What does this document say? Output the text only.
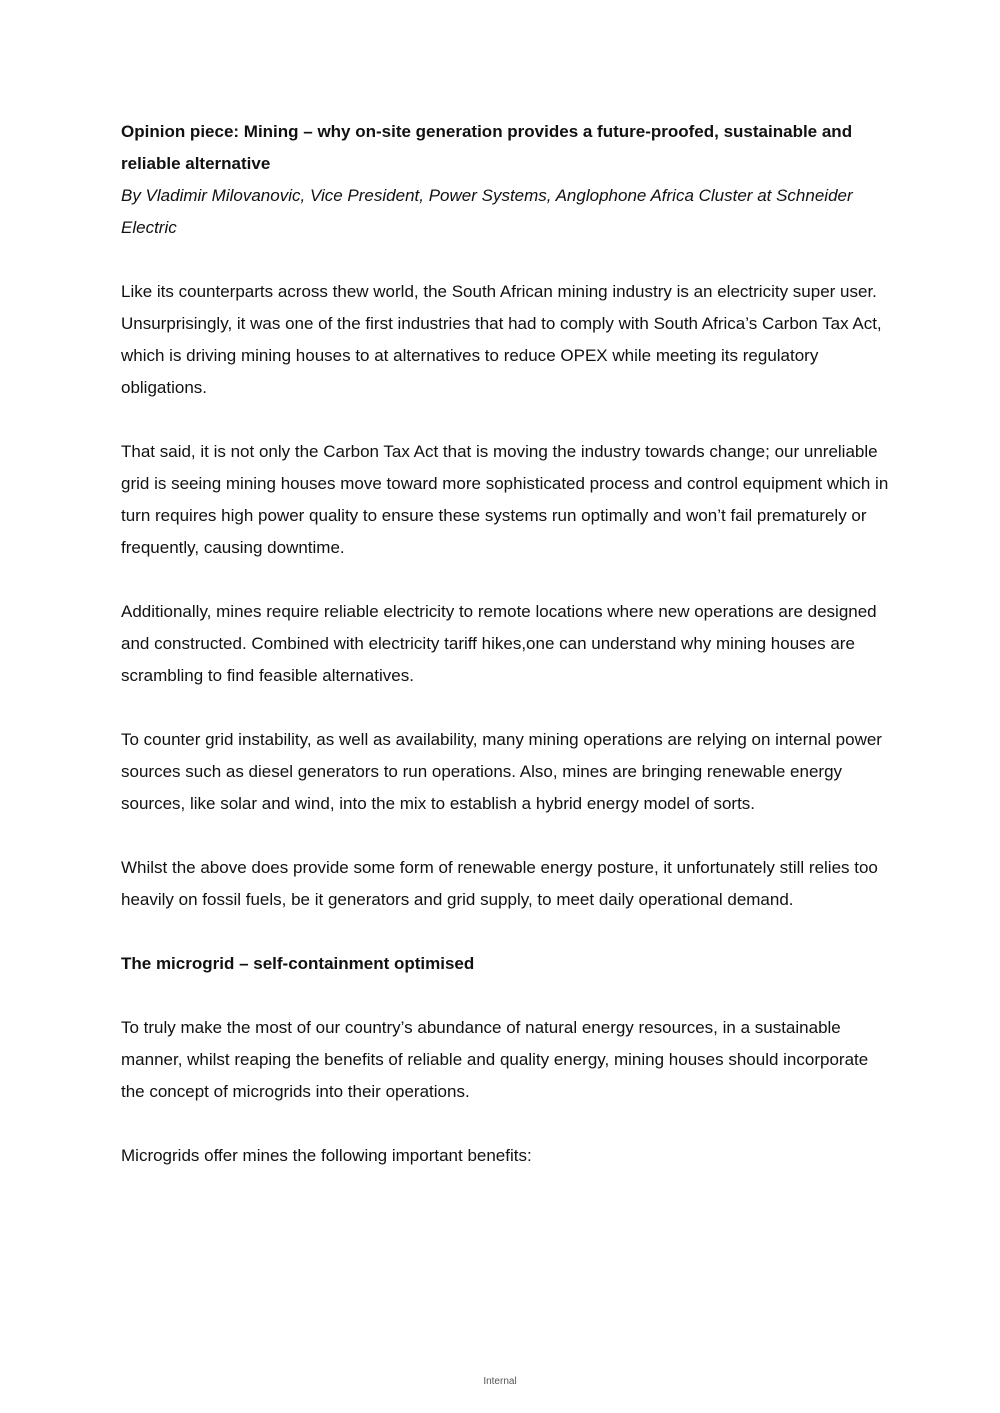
Opinion piece: Mining – why on-site generation provides a future-proofed, sustainable and reliable alternative

By Vladimir Milovanovic, Vice President, Power Systems, Anglophone Africa Cluster at Schneider Electric

Like its counterparts across thew world, the South African mining industry is an electricity super user. Unsurprisingly, it was one of the first industries that had to comply with South Africa’s Carbon Tax Act, which is driving mining houses to at alternatives to reduce OPEX while meeting its regulatory obligations.

That said, it is not only the Carbon Tax Act that is moving the industry towards change; our unreliable grid is seeing mining houses move toward more sophisticated process and control equipment which in turn requires high power quality to ensure these systems run optimally and won’t fail prematurely or frequently, causing downtime.

Additionally, mines require reliable electricity to remote locations where new operations are designed and constructed. Combined with electricity tariff hikes,one can understand why mining houses are scrambling to find feasible alternatives.

To counter grid instability, as well as availability, many mining operations are relying on internal power sources such as diesel generators to run operations. Also, mines are bringing renewable energy sources, like solar and wind, into the mix to establish a hybrid energy model of sorts.

Whilst the above does provide some form of renewable energy posture, it unfortunately still relies too heavily on fossil fuels, be it generators and grid supply, to meet daily operational demand.

The microgrid – self-containment optimised

To truly make the most of our country’s abundance of natural energy resources, in a sustainable manner, whilst reaping the benefits of reliable and quality energy, mining houses should incorporate the concept of microgrids into their operations.

Microgrids offer mines the following important benefits:

Internal
